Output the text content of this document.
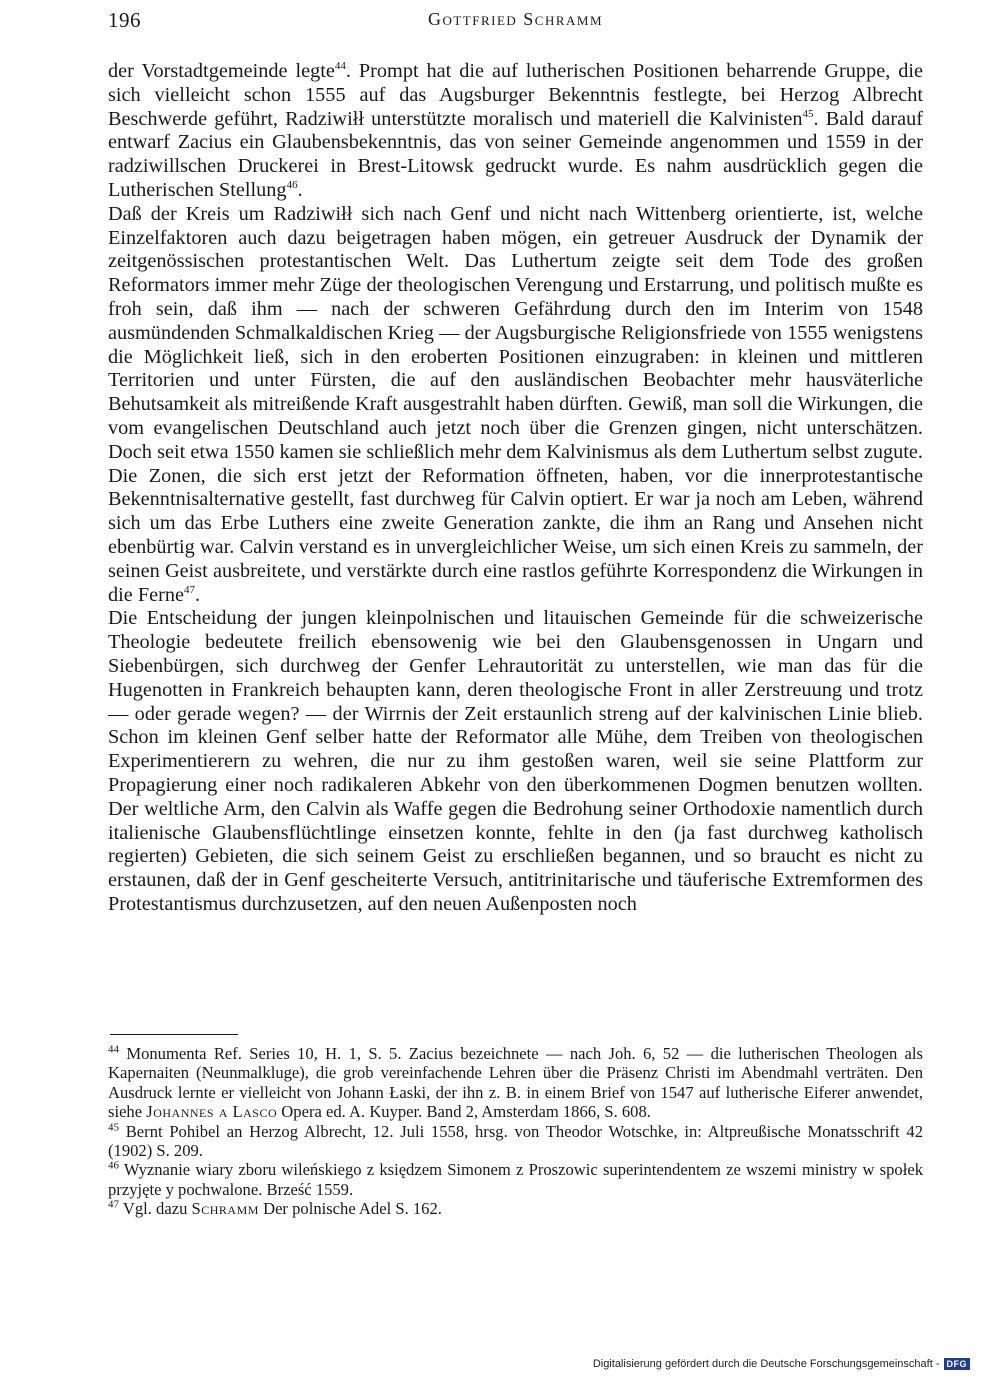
196	Gottfried Schramm

der Vorstadtgemeinde legte$^{44}$. Prompt hat die auf lutherischen Positionen beharrende Gruppe, die sich vielleicht schon 1555 auf das Augsburger Bekenntnis festlegte, bei Herzog Albrecht Beschwerde geführt, Radziwiłł unterstützte moralisch und materiell die Kalvinisten$^{45}$. Bald darauf entwarf Zacius ein Glaubensbekenntnis, das von seiner Gemeinde angenommen und 1559 in der radziwillschen Druckerei in Brest-Litowsk gedruckt wurde. Es nahm ausdrücklich gegen die Lutherischen Stellung$^{46}$.

Daß der Kreis um Radziwiłł sich nach Genf und nicht nach Wittenberg orientierte, ist, welche Einzelfaktoren auch dazu beigetragen haben mögen, ein getreuer Ausdruck der Dynamik der zeitgenössischen protestantischen Welt. Das Luthertum zeigte seit dem Tode des großen Reformators immer mehr Züge der theologischen Verengung und Erstarrung, und politisch mußte es froh sein, daß ihm — nach der schweren Gefährdung durch den im Interim von 1548 ausmündenden Schmalkaldischen Krieg — der Augsburgische Religionsfriede von 1555 wenigstens die Möglichkeit ließ, sich in den eroberten Positionen einzugraben: in kleinen und mittleren Territorien und unter Fürsten, die auf den ausländischen Beobachter mehr hausväterliche Behutsamkeit als mitreißende Kraft ausgestrahlt haben dürften. Gewiß, man soll die Wirkungen, die vom evangelischen Deutschland auch jetzt noch über die Grenzen gingen, nicht unterschätzen. Doch seit etwa 1550 kamen sie schließlich mehr dem Kalvinismus als dem Luthertum selbst zugute. Die Zonen, die sich erst jetzt der Reformation öffneten, haben, vor die innerprotestantische Bekenntnisalternative gestellt, fast durchweg für Calvin optiert. Er war ja noch am Leben, während sich um das Erbe Luthers eine zweite Generation zankte, die ihm an Rang und Ansehen nicht ebenbürtig war. Calvin verstand es in unvergleichlicher Weise, um sich einen Kreis zu sammeln, der seinen Geist ausbreitete, und verstärkte durch eine rastlos geführte Korrespondenz die Wirkungen in die Ferne$^{47}$.

Die Entscheidung der jungen kleinpolnischen und litauischen Gemeinde für die schweizerische Theologie bedeutete freilich ebensowenig wie bei den Glaubensgenossen in Ungarn und Siebenbürgen, sich durchweg der Genfer Lehrautorität zu unterstellen, wie man das für die Hugenotten in Frankreich behaupten kann, deren theologische Front in aller Zerstreuung und trotz — oder gerade wegen? — der Wirrnis der Zeit erstaunlich streng auf der kalvinischen Linie blieb. Schon im kleinen Genf selber hatte der Reformator alle Mühe, dem Treiben von theologischen Experimentierern zu wehren, die nur zu ihm gestoßen waren, weil sie seine Plattform zur Propagierung einer noch radikaleren Abkehr von den überkommenen Dogmen benutzen wollten. Der weltliche Arm, den Calvin als Waffe gegen die Bedrohung seiner Orthodoxie namentlich durch italienische Glaubensflüchtlinge einsetzen konnte, fehlte in den (ja fast durchweg katholisch regierten) Gebieten, die sich seinem Geist zu erschließen begannen, und so braucht es nicht zu erstaunen, daß der in Genf gescheiterte Versuch, antitrinitarische und täuferische Extremformen des Protestantismus durchzusetzen, auf den neuen Außenposten noch

$^{44}$ Monumenta Ref. Series 10, H. 1, S. 5. Zacius bezeichnete — nach Joh. 6, 52 — die lutherischen Theologen als Kapernaiten (Neunmalkluge), die grob vereinfachende Lehren über die Präsenz Christi im Abendmahl verträten. Den Ausdruck lernte er vielleicht von Johann Łaski, der ihn z. B. in einem Brief von 1547 auf lutherische Eiferer anwendet, siehe Johannes a Lasco Opera ed. A. Kuyper. Band 2, Amsterdam 1866, S. 608.

$^{45}$ Bernt Pohibel an Herzog Albrecht, 12. Juli 1558, hrsg. von Theodor Wotschke, in: Altpreußische Monatsschrift 42 (1902) S. 209.

$^{46}$ Wyznanie wiary zboru wileńskiego z księdzem Simonem z Proszowic superintendentem ze wszemi ministry w społek przyjęte y pochwalone. Brześć 1559.

$^{47}$ Vgl. dazu Schramm Der polnische Adel S. 162.

Digitalisierung gefördert durch die Deutsche Forschungsgemeinschaft - DFG
